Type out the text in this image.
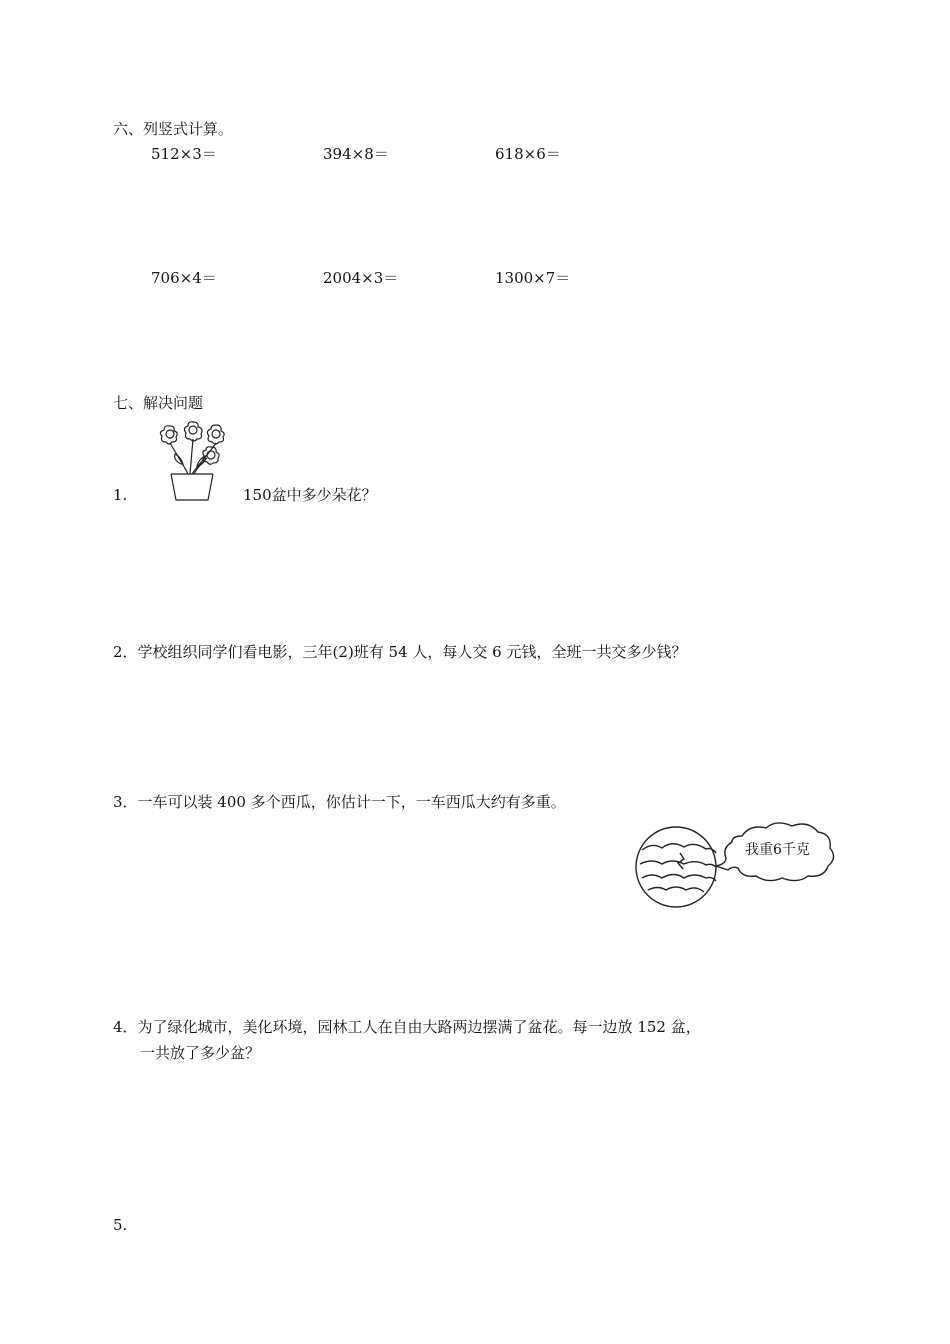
六、列竖式计算。
512×3＝	394×8＝	618×6＝
706×4＝	2004×3＝	1300×7＝
七、解决问题
1.	150盆中多少朵花？
2．学校组织同学们看电影，三年(2)班有 54 人，每人交 6 元钱，全班一共交多少钱？
3．一车可以装 400 多个西瓜，你估计一下，一车西瓜大约有多重。
我重6千克
4．为了绿化城市，美化环境，园林工人在自由大路两边摆满了盆花。每一边放 152 盆，
一共放了多少盆？
5.
